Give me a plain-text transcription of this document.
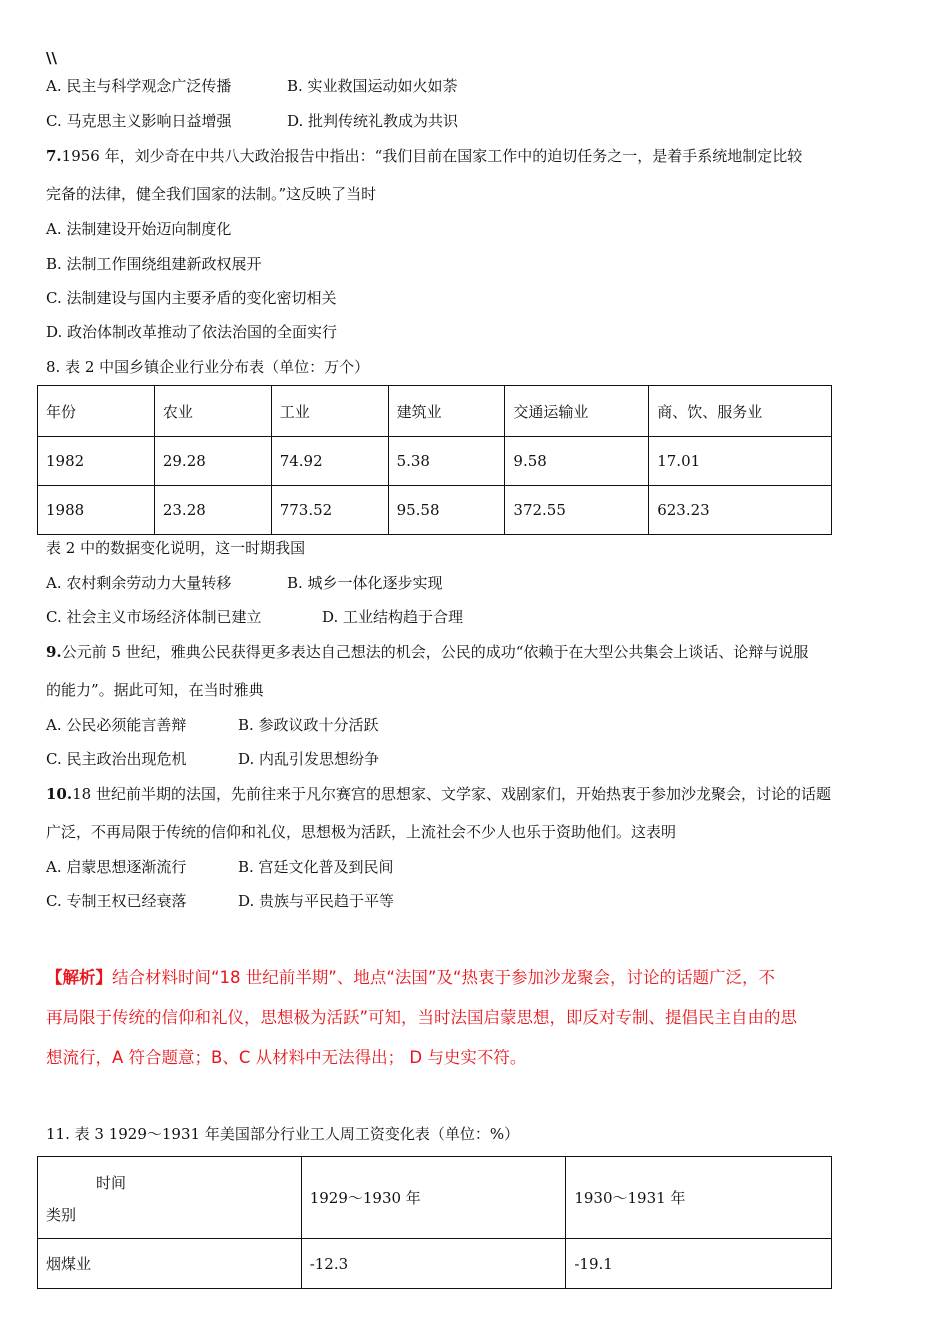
\\
A. 民主与科学观念广泛传播	B. 实业救国运动如火如荼
C. 马克思主义影响日益增强	D. 批判传统礼教成为共识
7.1956 年，刘少奇在中共八大政治报告中指出：“我们目前在国家工作中的迫切任务之一，是着手系统地制定比较
完备的法律，健全我们国家的法制。”这反映了当时
A. 法制建设开始迈向制度化
B. 法制工作围绕组建新政权展开
C. 法制建设与国内主要矛盾的变化密切相关
D. 政治体制改革推动了依法治国的全面实行
8. 表 2 中国乡镇企业行业分布表（单位：万个）
年份	农业	工业	建筑业	交通运输业	商、饮、服务业
1982	29.28	74.92	5.38	9.58	17.01
1988	23.28	773.52	95.58	372.55	623.23
表 2 中的数据变化说明，这一时期我国
A. 农村剩余劳动力大量转移	B. 城乡一体化逐步实现
C. 社会主义市场经济体制已建立	D. 工业结构趋于合理
9.公元前 5 世纪，雅典公民获得更多表达自己想法的机会，公民的成功“依赖于在大型公共集会上谈话、论辩与说服
的能力”。据此可知，在当时雅典
A. 公民必须能言善辩	B. 参政议政十分活跃
C. 民主政治出现危机	D. 内乱引发思想纷争
10.18 世纪前半期的法国，先前往来于凡尔赛宫的思想家、文学家、戏剧家们，开始热衷于参加沙龙聚会，讨论的话题
广泛，不再局限于传统的信仰和礼仪，思想极为活跃，上流社会不少人也乐于资助他们。这表明
A. 启蒙思想逐渐流行	B. 宫廷文化普及到民间
C. 专制王权已经衰落	D. 贵族与平民趋于平等
【解析】结合材料时间“18 世纪前半期”、地点“法国”及“热衷于参加沙龙聚会，讨论的话题广泛，不
再局限于传统的信仰和礼仪，思想极为活跃”可知，当时法国启蒙思想，即反对专制、提倡民主自由的思
想流行，A 符合题意；B、C 从材料中无法得出； D 与史实不符。
11. 表 3 1929～1931 年美国部分行业工人周工资变化表（单位：%）
时间
类别	1929～1930 年	1930～1931 年
烟煤业	-12.3	-19.1
